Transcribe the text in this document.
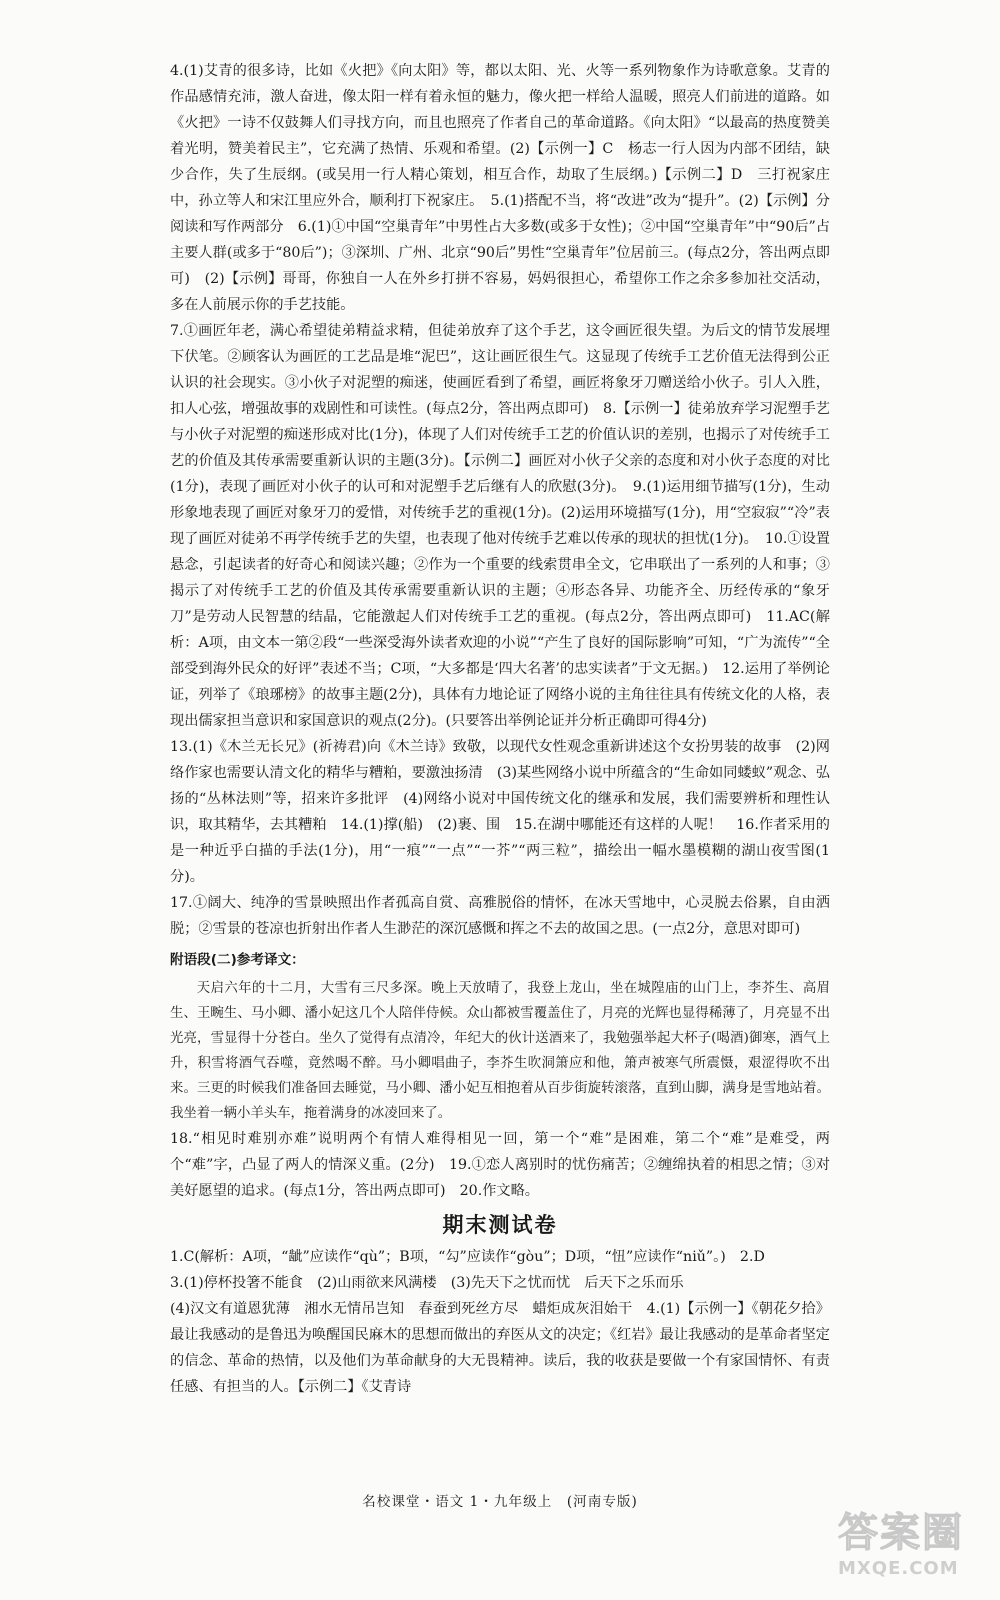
4.(1)艾青的很多诗，比如《火把》《向太阳》等，都以太阳、光、火等一系列物象作为诗歌意象。艾青的作品感情充沛，激人奋进，像太阳一样有着永恒的魅力，像火把一样给人温暖，照亮人们前进的道路。如《火把》一诗不仅鼓舞人们寻找方向，而且也照亮了作者自己的革命道路。《向太阳》“以最高的热度赞美着光明，赞美着民主”，它充满了热情、乐观和希望。(2)【示例一】C　杨志一行人因为内部不团结，缺少合作，失了生辰纲。(或吴用一行人精心策划，相互合作，劫取了生辰纲。)【示例二】D　三打祝家庄中，孙立等人和宋江里应外合，顺利打下祝家庄。　5.(1)搭配不当，将“改进”改为“提升”。(2)【示例】分阅读和写作两部分　6.(1)①中国“空巢青年”中男性占大多数(或多于女性)；②中国“空巢青年”中“90后”占主要人群(或多于“80后”)；③深圳、广州、北京“90后”男性“空巢青年”位居前三。(每点2分，答出两点即可)　(2)【示例】哥哥，你独自一人在外乡打拼不容易，妈妈很担心，希望你工作之余多参加社交活动，多在人前展示你的手艺技能。

7.①画匠年老，满心希望徒弟精益求精，但徒弟放弃了这个手艺，这令画匠很失望。为后文的情节发展埋下伏笔。②顾客认为画匠的工艺品是堆“泥巴”，这让画匠很生气。这显现了传统手工艺价值无法得到公正认识的社会现实。③小伙子对泥塑的痴迷，使画匠看到了希望，画匠将象牙刀赠送给小伙子。引人入胜，扣人心弦，增强故事的戏剧性和可读性。(每点2分，答出两点即可)　8.【示例一】徒弟放弃学习泥塑手艺与小伙子对泥塑的痴迷形成对比(1分)，体现了人们对传统手工艺的价值认识的差别，也揭示了对传统手工艺的价值及其传承需要重新认识的主题(3分)。【示例二】画匠对小伙子父亲的态度和对小伙子态度的对比(1分)，表现了画匠对小伙子的认可和对泥塑手艺后继有人的欣慰(3分)。　9.(1)运用细节描写(1分)，生动形象地表现了画匠对象牙刀的爱惜，对传统手艺的重视(1分)。(2)运用环境描写(1分)，用“空寂寂”“冷”表现了画匠对徒弟不再学传统手艺的失望，也表现了他对传统手艺难以传承的现状的担忧(1分)。　10.①设置悬念，引起读者的好奇心和阅读兴趣；②作为一个重要的线索贯串全文，它串联出了一系列的人和事；③揭示了对传统手工艺的价值及其传承需要重新认识的主题；④形态各异、功能齐全、历经传承的“象牙刀”是劳动人民智慧的结晶，它能激起人们对传统手工艺的重视。(每点2分，答出两点即可)　11.AC(解析：A项，由文本一第②段“一些深受海外读者欢迎的小说”“产生了良好的国际影响”可知，“广为流传”“全部受到海外民众的好评”表述不当；C项，“大多都是‘四大名著’的忠实读者”于文无据。)　12.运用了举例论证，列举了《琅琊榜》的故事主题(2分)，具体有力地论证了网络小说的主角往往具有传统文化的人格，表现出儒家担当意识和家国意识的观点(2分)。(只要答出举例论证并分析正确即可得4分)

13.(1)《木兰无长兄》(祈祷君)向《木兰诗》致敬，以现代女性观念重新讲述这个女扮男装的故事　(2)网络作家也需要认清文化的精华与糟粕，要激浊扬清　(3)某些网络小说中所蕴含的“生命如同蝼蚁”观念、弘扬的“丛林法则”等，招来许多批评　(4)网络小说对中国传统文化的继承和发展，我们需要辨析和理性认识，取其精华，去其糟粕　14.(1)撑(船)　(2)裹、围　15.在湖中哪能还有这样的人呢！　16.作者采用的是一种近乎白描的手法(1分)，用“一痕”“一点”“一芥”“两三粒”，描绘出一幅水墨模糊的湖山夜雪图(1分)。

17.①阔大、纯净的雪景映照出作者孤高自赏、高雅脱俗的情怀，在冰天雪地中，心灵脱去俗累，自由洒脱；②雪景的苍凉也折射出作者人生渺茫的深沉感慨和挥之不去的故国之思。(一点2分，意思对即可)

附语段(二)参考译文：

天启六年的十二月，大雪有三尺多深。晚上天放晴了，我登上龙山，坐在城隍庙的山门上，李芥生、高眉生、王畹生、马小卿、潘小妃这几个人陪伴侍候。众山都被雪覆盖住了，月亮的光辉也显得稀薄了，月亮显不出光亮，雪显得十分苍白。坐久了觉得有点清冷，年纪大的伙计送酒来了，我勉强举起大杯子(喝酒)御寒，酒气上升，积雪将酒气吞噬，竟然喝不醉。马小卿唱曲子，李芥生吹洞箫应和他，箫声被寒气所震慑，艰涩得吹不出来。三更的时候我们准备回去睡觉，马小卿、潘小妃互相抱着从百步街旋转滚落，直到山脚，满身是雪地站着。我坐着一辆小羊头车，拖着满身的冰凌回来了。

18.“相见时难别亦难”说明两个有情人难得相见一回，第一个“难”是困难，第二个“难”是难受，两个“难”字，凸显了两人的情深义重。(2分)　19.①恋人离别时的忧伤痛苦；②缠绵执着的相思之情；③对美好愿望的追求。(每点1分，答出两点即可)　20.作文略。

期末测试卷

1.C(解析：A项，“龇”应读作“qù”；B项，“勾”应读作“gòu”；D项，“忸”应读作“niǔ”。)　2.D

3.(1)停杯投箸不能食　(2)山雨欲来风满楼　(3)先天下之忧而忧　后天下之乐而乐

(4)汉文有道恩犹薄　湘水无情吊岂知　春蚕到死丝方尽　蜡炬成灰泪始干　4.(1)【示例一】《朝花夕拾》最让我感动的是鲁迅为唤醒国民麻木的思想而做出的弃医从文的决定；《红岩》最让我感动的是革命者坚定的信念、革命的热情，以及他们为革命献身的大无畏精神。读后，我的收获是要做一个有家国情怀、有责任感、有担当的人。【示例二】《艾青诗

名校课堂・语文 1・九年级上　(河南专版)
答案圈
MXQE.COM
